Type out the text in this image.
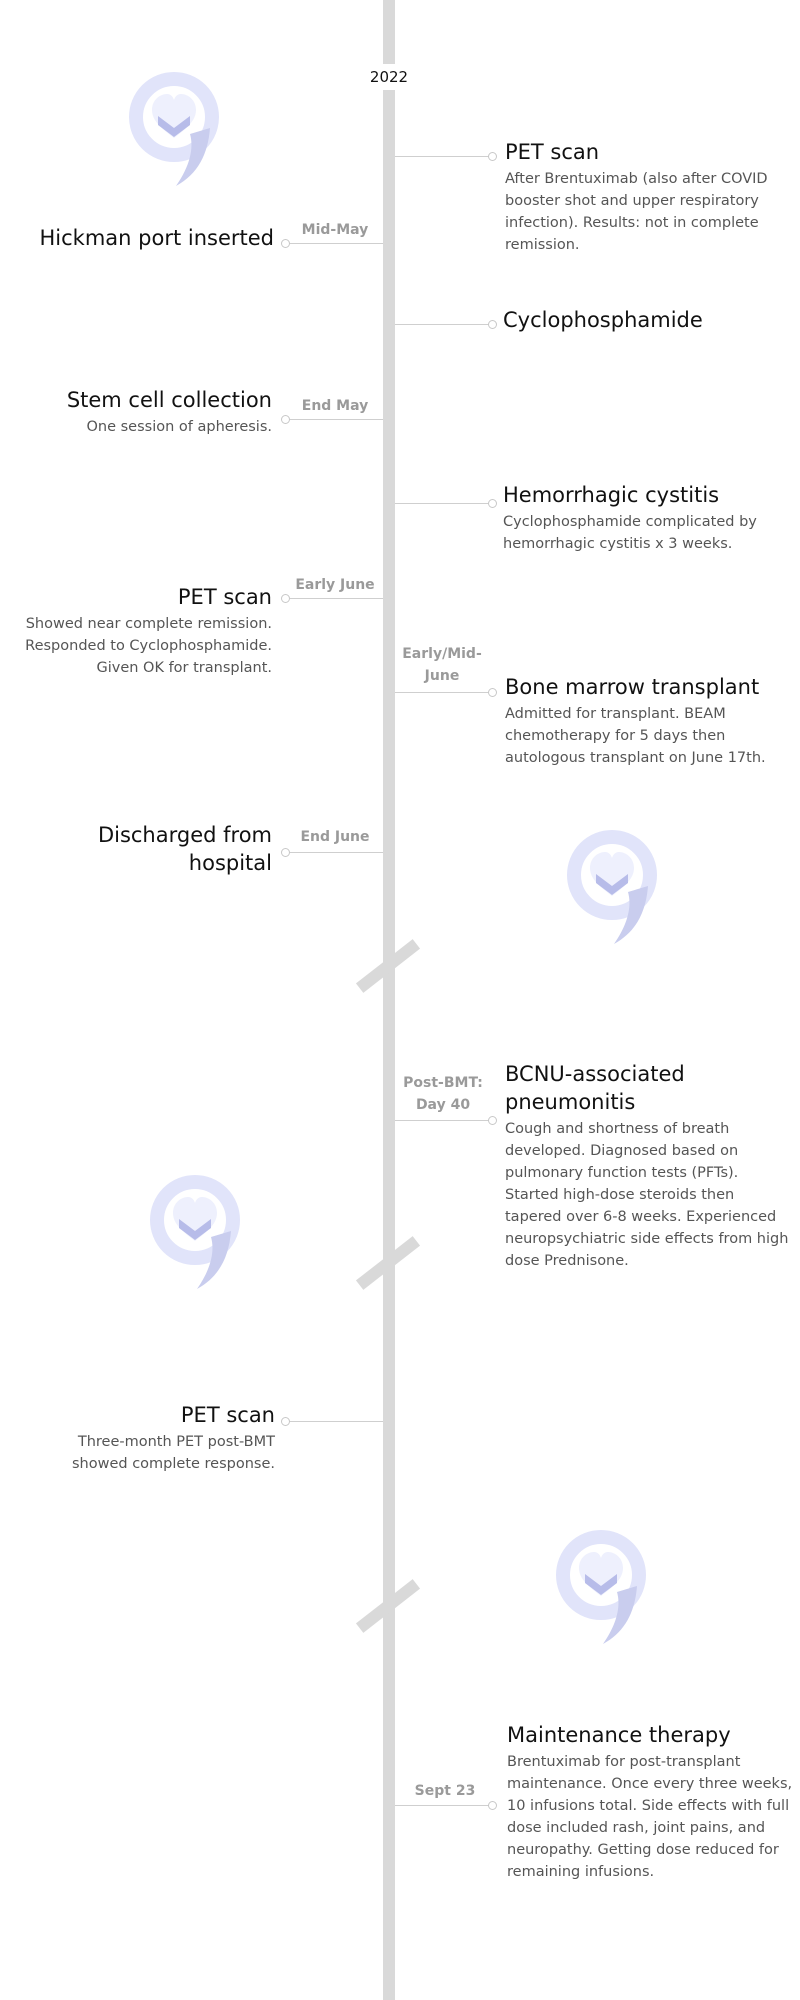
2022
PET scan
After Brentuximab (also after COVID booster shot and upper respiratory infection). Results: not in complete remission.
Mid-May
Hickman port inserted
Cyclophosphamide
End May
Stem cell collection
One session of apheresis.
Hemorrhagic cystitis
Cyclophosphamide complicated by hemorrhagic cystitis x 3 weeks.
Early June
PET scan
Showed near complete remission. Responded to Cyclophosphamide. Given OK for transplant.
Early/Mid-June	Bone marrow transplant
Admitted for transplant. BEAM chemotherapy for 5 days then autologous transplant on June 17th.
End June
Discharged from hospital
Post-BMT: Day 40
BCNU-associated pneumonitis
Cough and shortness of breath developed. Diagnosed based on pulmonary function tests (PFTs). Started high-dose steroids then tapered over 6-8 weeks. Experienced neuropsychiatric side effects from high dose Prednisone.
PET scan
Three-month PET post-BMT showed complete response.
Sept 23
Maintenance therapy
Brentuximab for post-transplant maintenance. Once every three weeks, 10 infusions total. Side effects with full dose included rash, joint pains, and neuropathy. Getting dose reduced for remaining infusions.
